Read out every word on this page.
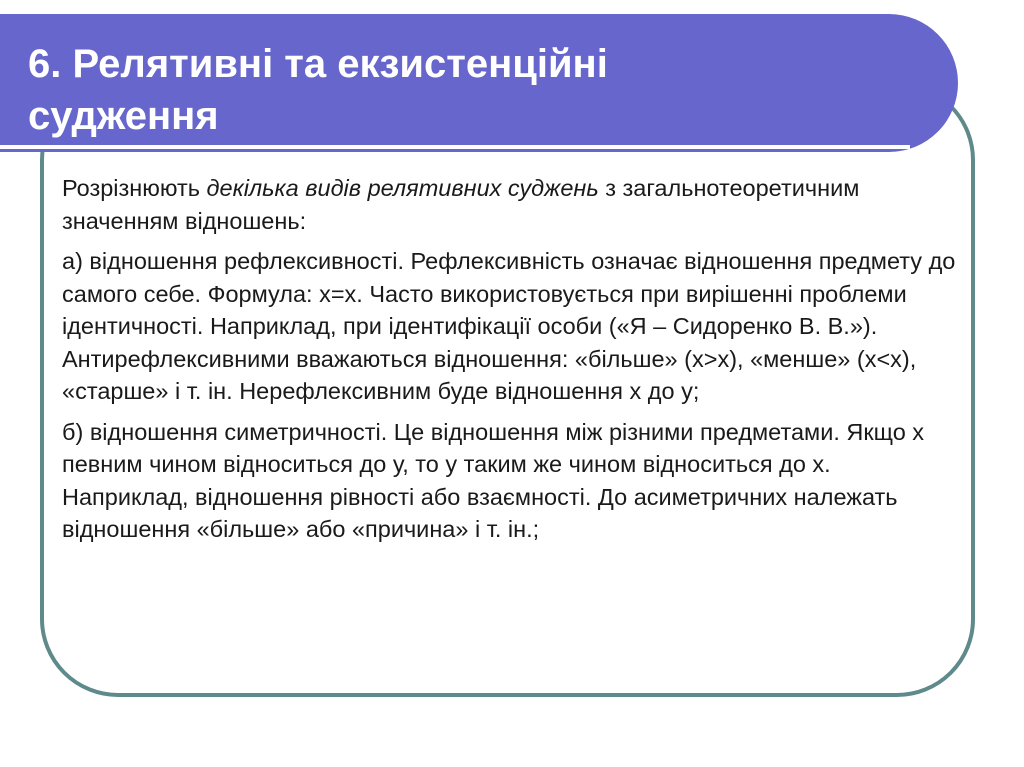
6. Релятивні та екзистенційні
судження

Розрізнюють декілька видів релятивних суджень з загальнотеоретичним значенням відношень:

а) відношення рефлексивності. Рефлексивність означає відношення предмету до самого себе. Формула: х=х. Часто використовується при вирішенні проблеми ідентичності. Наприклад, при ідентифікації особи («Я – Сидоренко В. В.»). Антирефлексивними вважаються відношення: «більше» (х>х), «менше» (х<х), «старше» і т. ін. Нерефлексивним буде відношення х до у;

б) відношення симетричності. Це відношення між різними предметами. Якщо х певним чином відноситься до у, то у таким же чином відноситься до х. Наприклад, відношення рівності або взаємності. До асиметричних належать відношення «більше» або «причина» і т. ін.;
